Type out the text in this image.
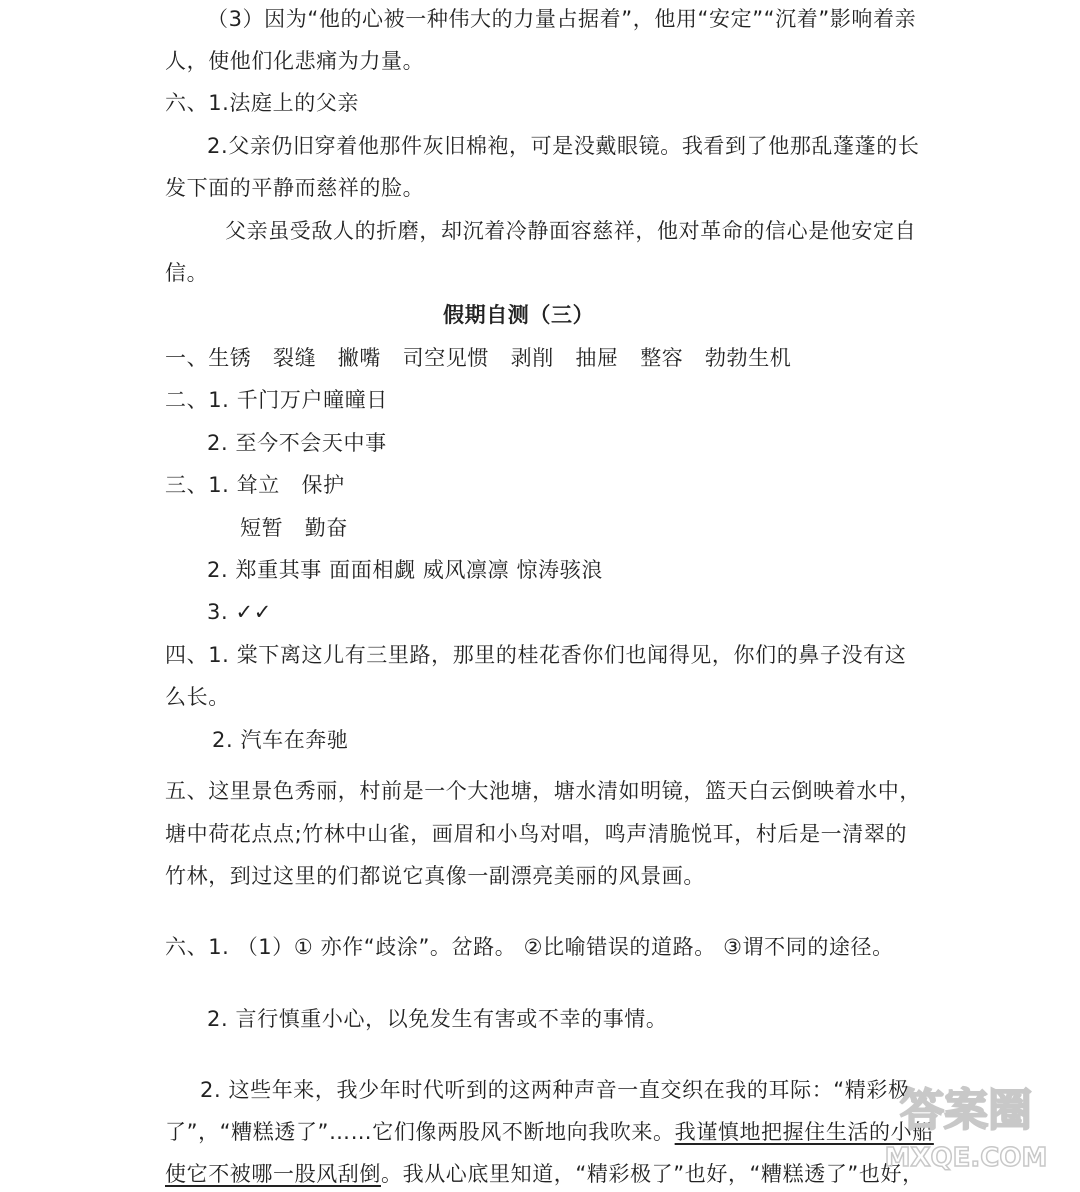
（3）因为“他的心被一种伟大的力量占据着”，他用“安定”“沉着”影响着亲
人，使他们化悲痛为力量。
六、1.法庭上的父亲
2.父亲仍旧穿着他那件灰旧棉袍，可是没戴眼镜。我看到了他那乱蓬蓬的长
发下面的平静而慈祥的脸。
父亲虽受敌人的折磨，却沉着冷静面容慈祥，他对革命的信心是他安定自
信。
假期自测（三）
一、生锈　裂缝　撇嘴　司空见惯　剥削　抽屉　整容　勃勃生机
二、1. 千门万户曈曈日
2. 至今不会天中事
三、1. 耸立　保护
短暂　勤奋
2. 郑重其事 面面相觑 威风凛凛 惊涛骇浪
3. ✓✓
四、1. 棠下离这儿有三里路，那里的桂花香你们也闻得见，你们的鼻子没有这
么长。
2. 汽车在奔驰
五、这里景色秀丽，村前是一个大池塘，塘水清如明镜，篮天白云倒映着水中，
塘中荷花点点;竹林中山雀，画眉和小鸟对唱，鸣声清脆悦耳，村后是一清翠的
竹林，到过这里的们都说它真像一副漂亮美丽的风景画。
六、1. （1）① 亦作“歧涂”。岔路。 ②比喻错误的道路。 ③谓不同的途径。
2. 言行慎重小心，以免发生有害或不幸的事情。
2. 这些年来，我少年时代听到的这两种声音一直交织在我的耳际：“精彩极
了”，“糟糕透了”……它们像两股风不断地向我吹来。我谨慎地把握住生活的小船
使它不被哪一股风刮倒。我从心底里知道，“精彩极了”也好，“糟糕透了”也好，
答案圈
MXQE.COM
